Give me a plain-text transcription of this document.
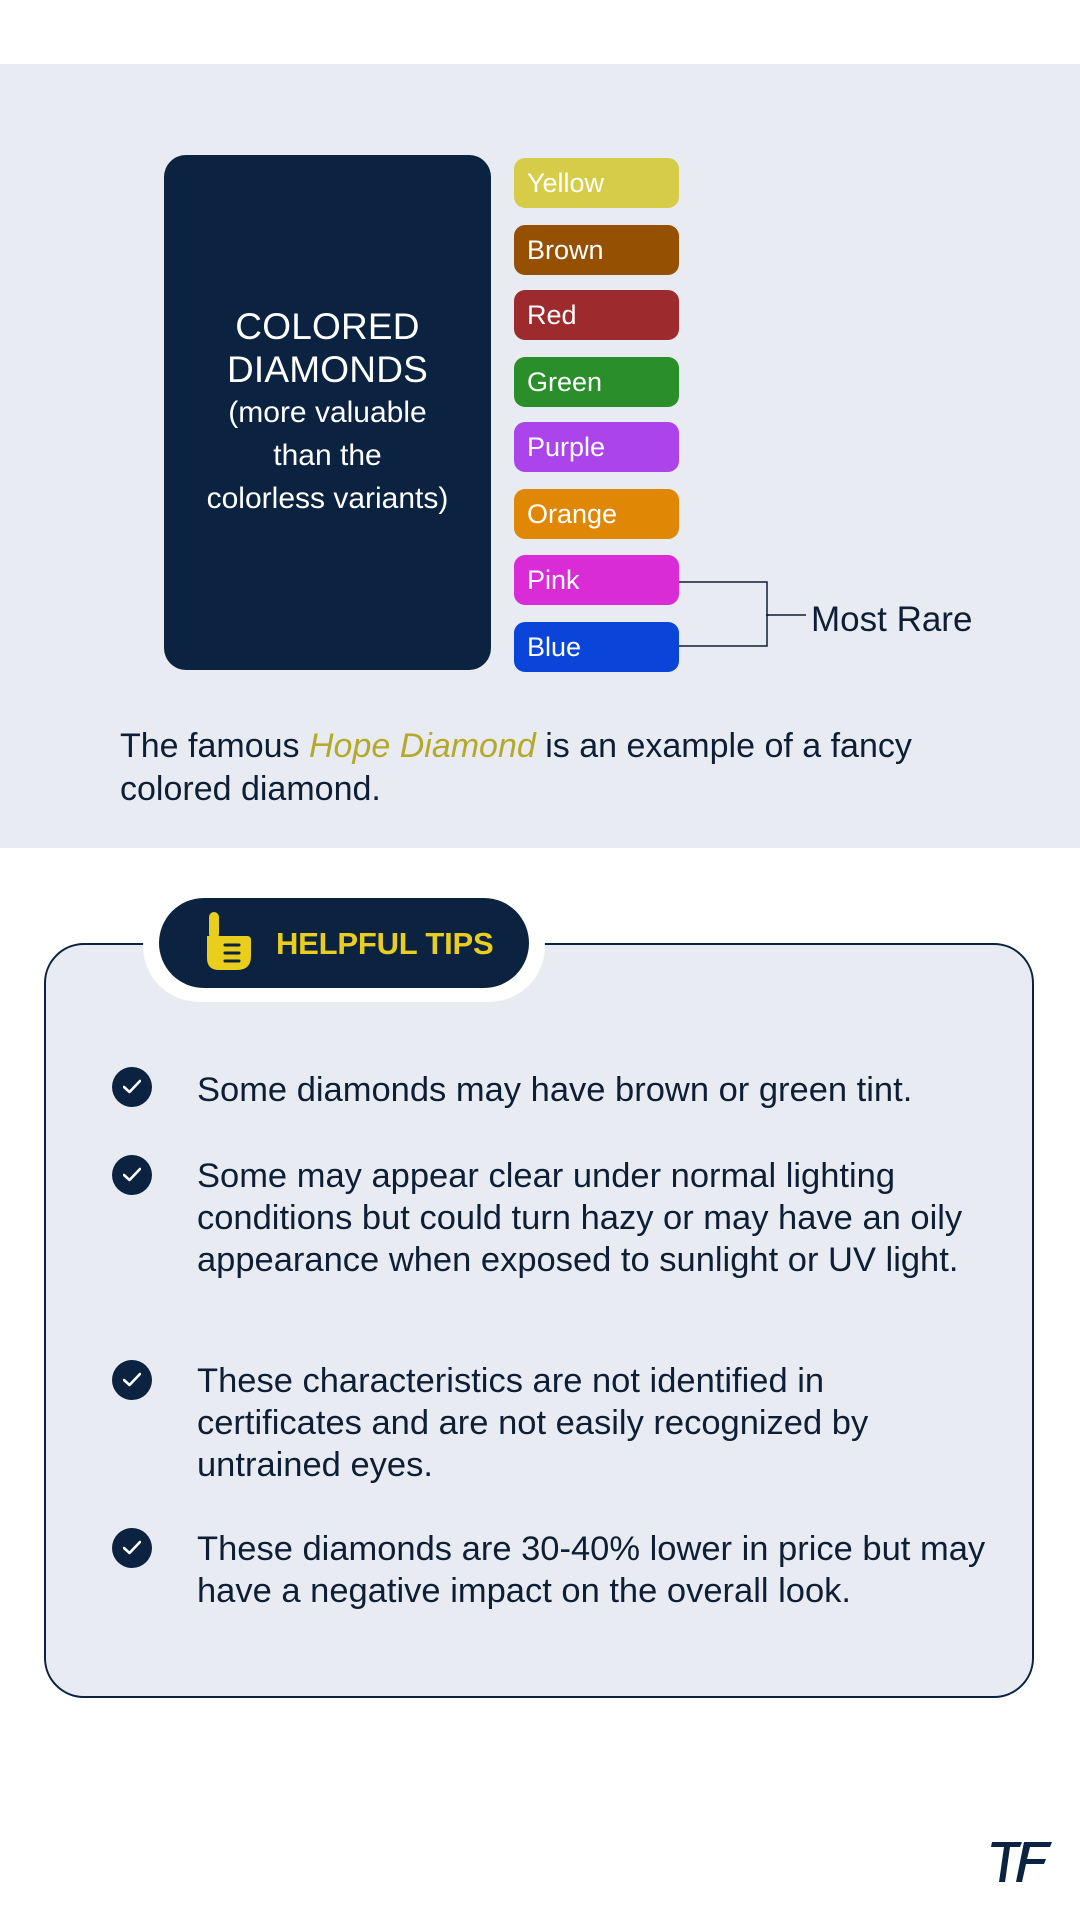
COLORED
DIAMONDS
(more valuable
than the
colorless variants)
Yellow
Brown
Red
Green
Purple
Orange
Pink
Blue
Most Rare
The famous Hope Diamond is an example of a fancy colored diamond.
HELPFUL TIPS
Some diamonds may have brown or green tint.
Some may appear clear under normal lighting conditions but could turn hazy or may have an oily appearance when exposed to sunlight or UV light.
These characteristics are not identified in certificates and are not easily recognized by untrained eyes.
These diamonds are 30-40% lower in price but may have a negative impact on the overall look.
